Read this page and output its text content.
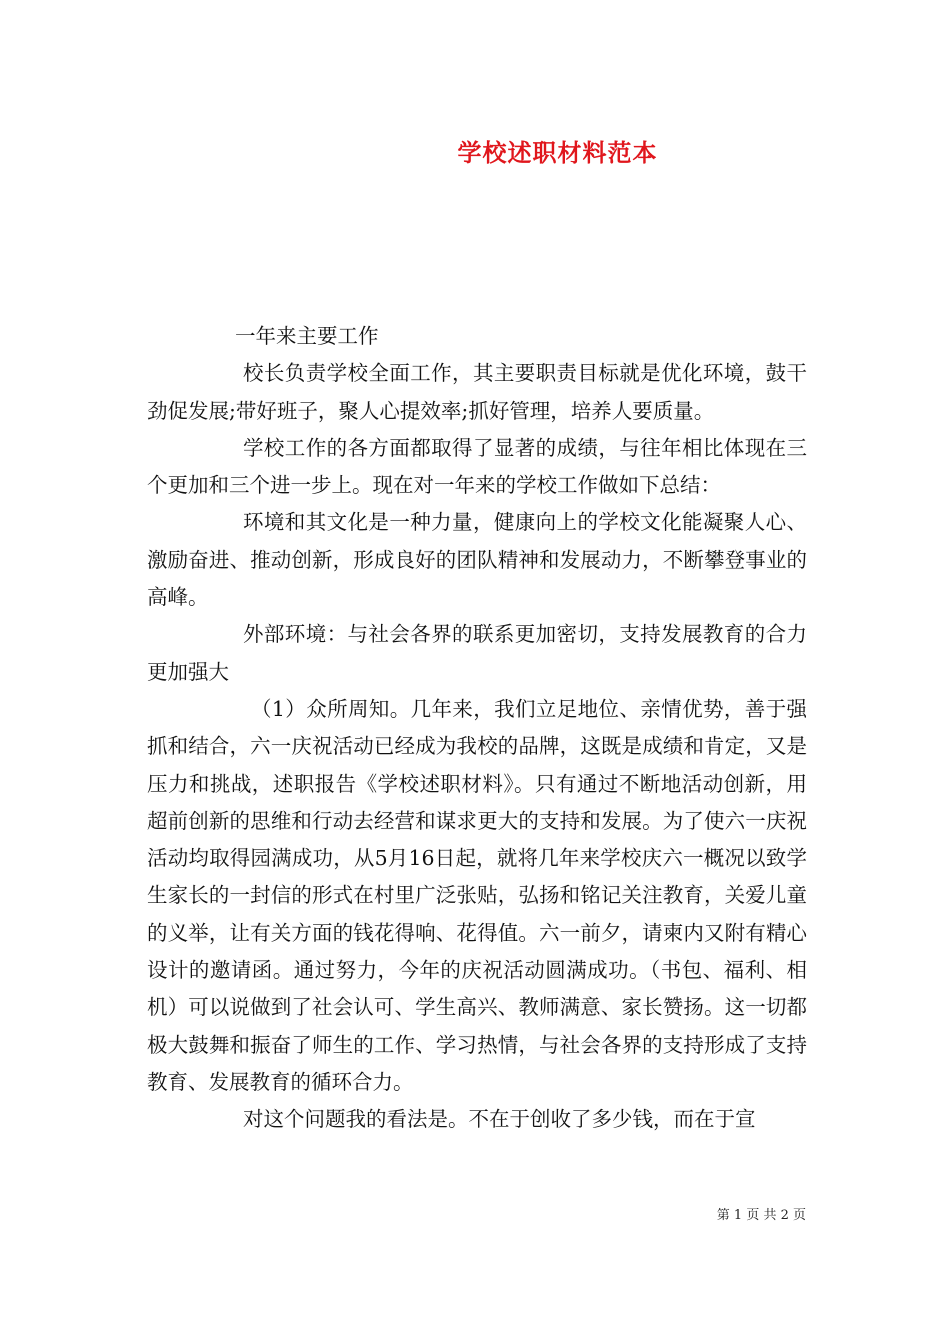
学校述职材料范本

一年来主要工作

校长负责学校全面工作，其主要职责目标就是优化环境，鼓干劲促发展;带好班子，聚人心提效率;抓好管理，培养人要质量。

学校工作的各方面都取得了显著的成绩，与往年相比体现在三个更加和三个进一步上。现在对一年来的学校工作做如下总结：

环境和其文化是一种力量，健康向上的学校文化能凝聚人心、激励奋进、推动创新，形成良好的团队精神和发展动力，不断攀登事业的高峰。

外部环境：与社会各界的联系更加密切，支持发展教育的合力更加强大

（1）众所周知。几年来，我们立足地位、亲情优势，善于强抓和结合，六一庆祝活动已经成为我校的品牌，这既是成绩和肯定，又是压力和挑战，述职报告《学校述职材料》。只有通过不断地活动创新，用超前创新的思维和行动去经营和谋求更大的支持和发展。为了使六一庆祝活动均取得园满成功，从5月16日起，就将几年来学校庆六一概况以致学生家长的一封信的形式在村里广泛张贴，弘扬和铭记关注教育，关爱儿童的义举，让有关方面的钱花得响、花得值。六一前夕，请柬内又附有精心设计的邀请函。通过努力，今年的庆祝活动圆满成功。（书包、福利、相机）可以说做到了社会认可、学生高兴、教师满意、家长赞扬。这一切都极大鼓舞和振奋了师生的工作、学习热情，与社会各界的支持形成了支持教育、发展教育的循环合力。

对这个问题我的看法是。不在于创收了多少钱，而在于宣

第 1 页 共 2 页
